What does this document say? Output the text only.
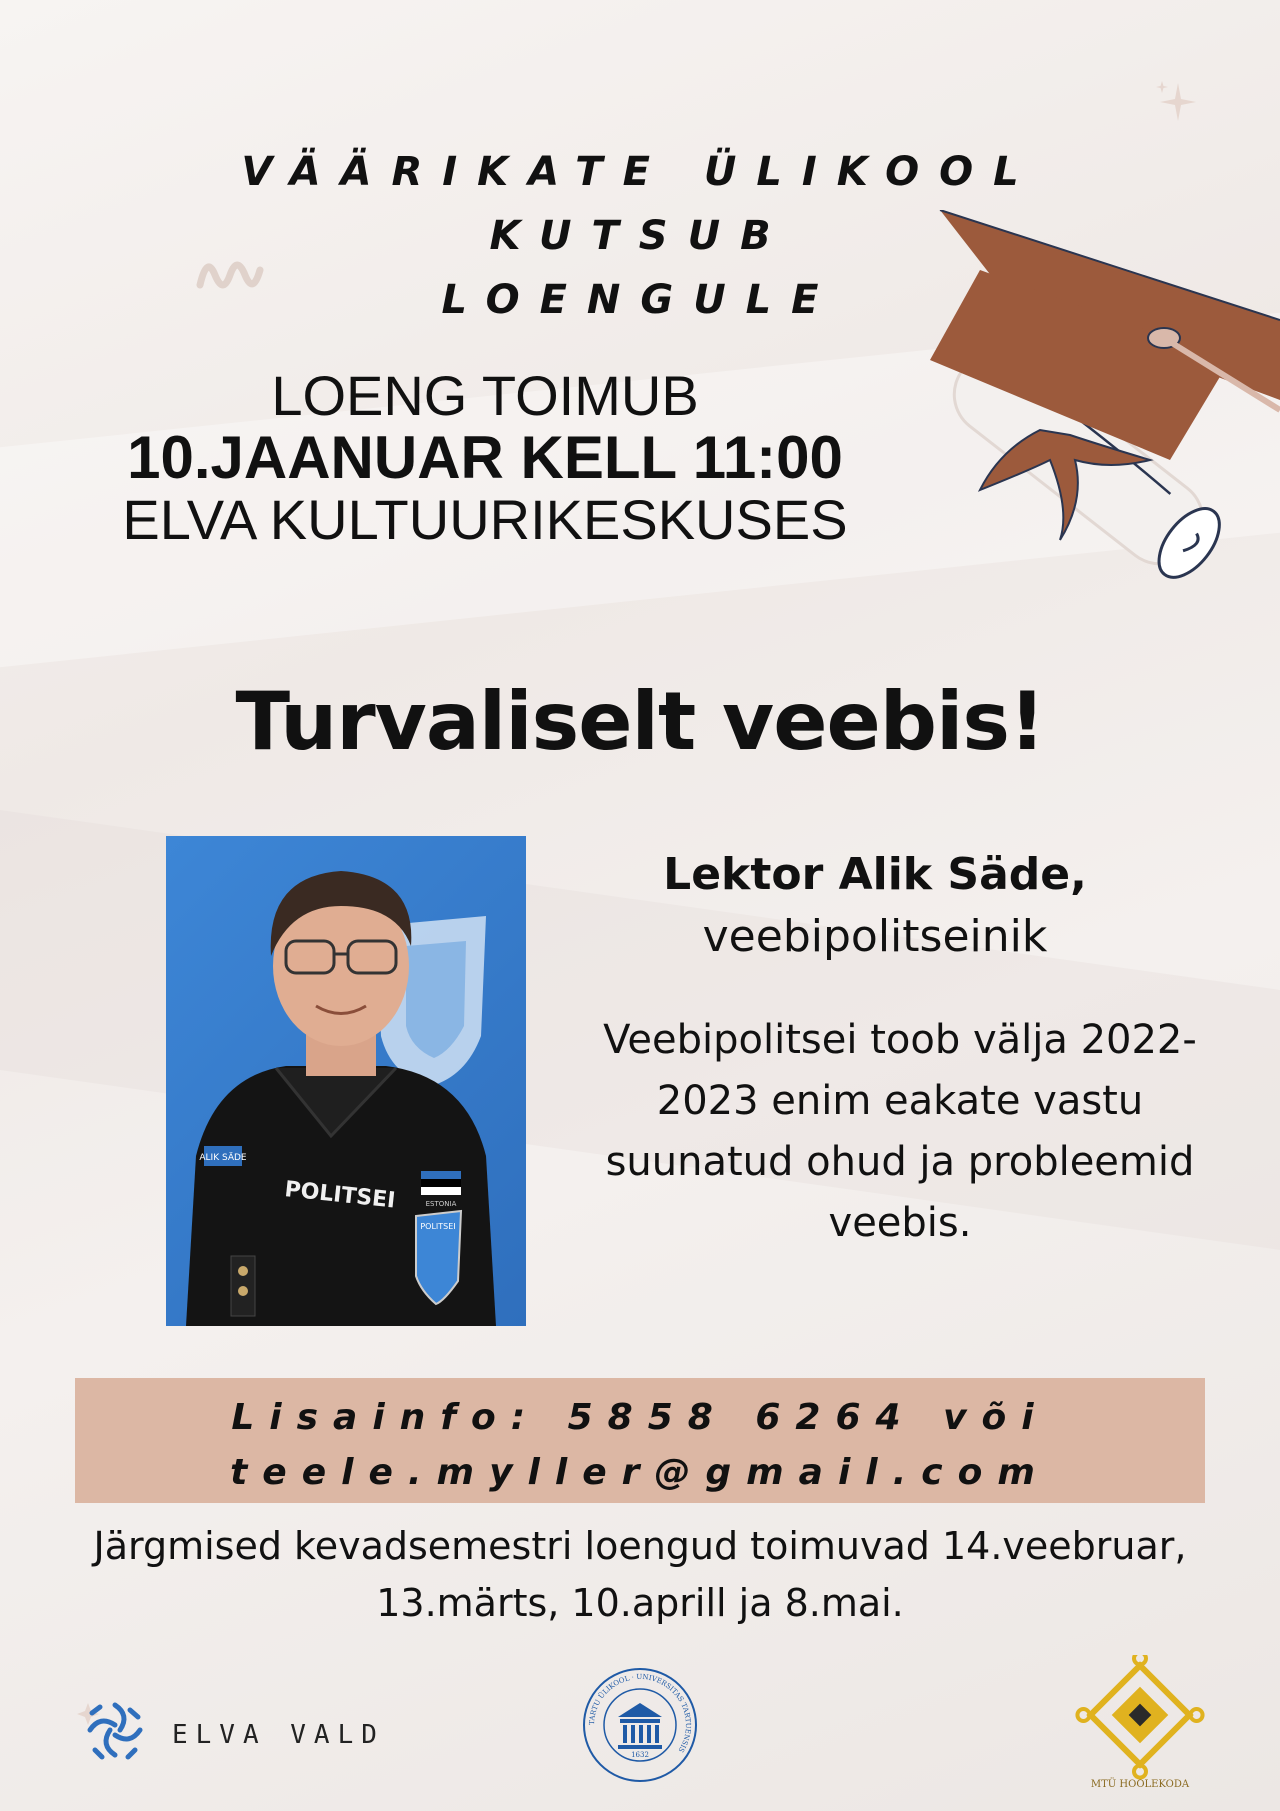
VÄÄRIKATE ÜLIKOOL KUTSUB
LOENGULE
LOENG TOIMUB
10.JAANUAR KELL 11:00
ELVA KULTUURIKESKUSES
Turvaliselt veebis!
ALIK SÄDE
POLITSEI	ESTONIA
POLITSEI
Lektor Alik Säde,
veebipolitseinik
Veebipolitsei toob välja 2022-
2023 enim eakate vastu
suunatud ohud ja probleemid
veebis.
Lisainfo: 5858 6264 või
teele.myller@gmail.com
Järgmised kevadsemestri loengud toimuvad 14.veebruar,
13.märts, 10.aprill ja 8.mai.
ELVA VALD
1632
TARTU ÜLIKOOL · UNIVERSITAS TARTUENSIS
MTÜ HOOLEKODA
